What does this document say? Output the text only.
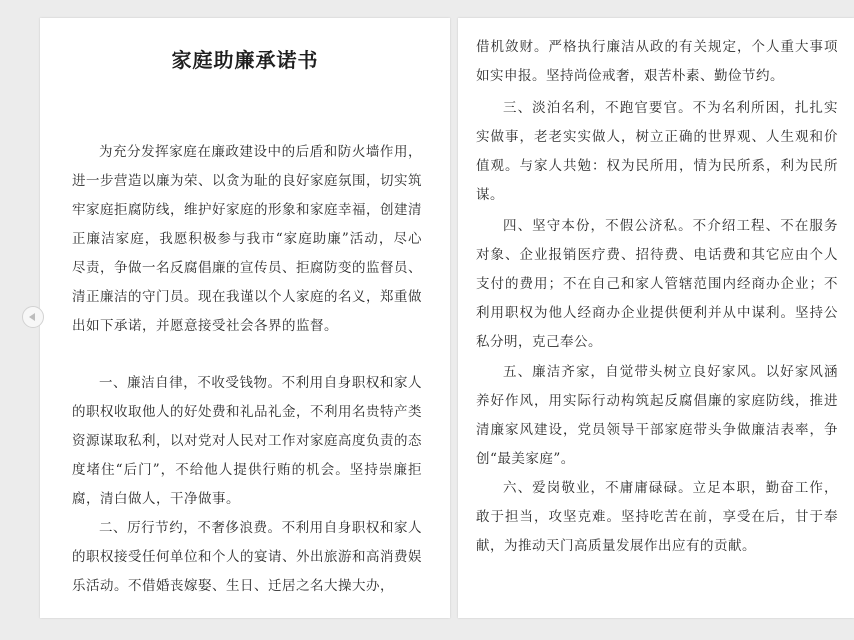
家庭助廉承诺书

为充分发挥家庭在廉政建设中的后盾和防火墙作用，进一步营造以廉为荣、以贪为耻的良好家庭氛围，切实筑牢家庭拒腐防线，维护好家庭的形象和家庭幸福，创建清正廉洁家庭，我愿积极参与我市“家庭助廉”活动，尽心尽责，争做一名反腐倡廉的宣传员、拒腐防变的监督员、清正廉洁的守门员。现在我谨以个人家庭的名义，郑重做出如下承诺，并愿意接受社会各界的监督。

一、廉洁自律，不收受钱物。不利用自身职权和家人的职权收取他人的好处费和礼品礼金，不利用名贵特产类资源谋取私利，以对党对人民对工作对家庭高度负责的态度堵住“后门”，不给他人提供行贿的机会。坚持崇廉拒腐，清白做人，干净做事。

二、厉行节约，不奢侈浪费。不利用自身职权和家人的职权接受任何单位和个人的宴请、外出旅游和高消费娱乐活动。不借婚丧嫁娶、生日、迁居之名大操大办，

借机敛财。严格执行廉洁从政的有关规定，个人重大事项如实申报。坚持尚俭戒奢，艰苦朴素、勤俭节约。

三、淡泊名利，不跑官要官。不为名利所困，扎扎实实做事，老老实实做人，树立正确的世界观、人生观和价值观。与家人共勉：权为民所用，情为民所系，利为民所谋。

四、坚守本份，不假公济私。不介绍工程、不在服务对象、企业报销医疗费、招待费、电话费和其它应由个人支付的费用；不在自己和家人管辖范围内经商办企业；不利用职权为他人经商办企业提供便利并从中谋利。坚持公私分明，克己奉公。

五、廉洁齐家，自觉带头树立良好家风。以好家风涵养好作风，用实际行动构筑起反腐倡廉的家庭防线，推进清廉家风建设，党员领导干部家庭带头争做廉洁表率，争创“最美家庭”。

六、爱岗敬业，不庸庸碌碌。立足本职，勤奋工作，敢于担当，攻坚克难。坚持吃苦在前，享受在后，甘于奉献，为推动天门高质量发展作出应有的贡献。
